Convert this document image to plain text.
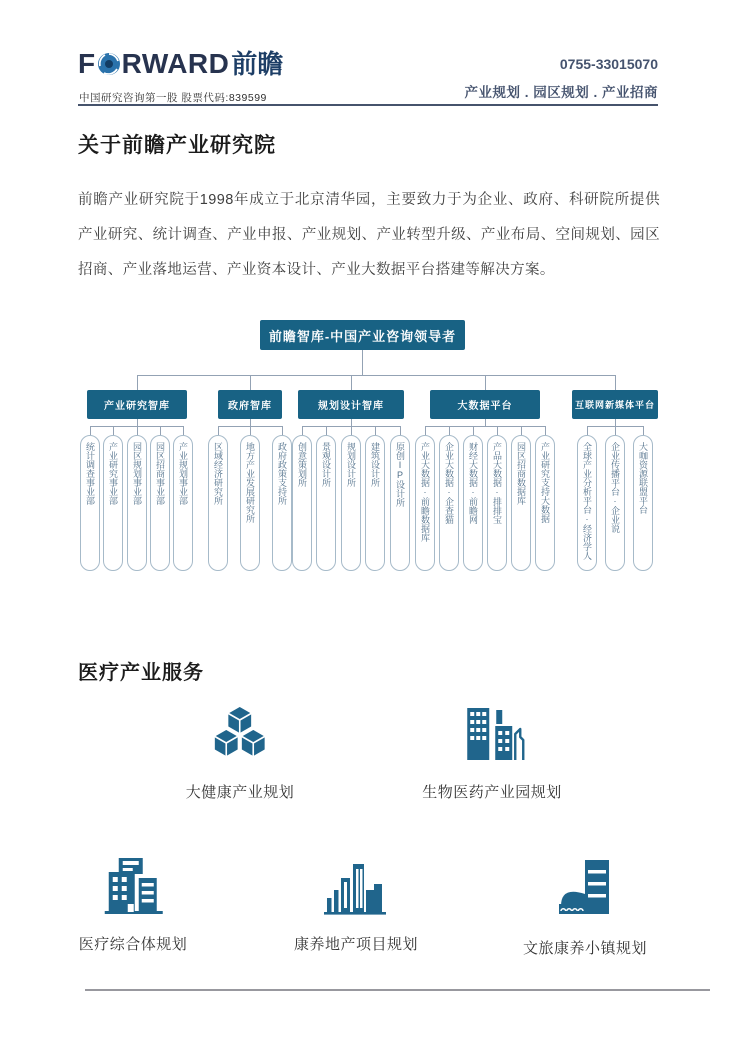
F RWARD 前瞻
中国研究咨询第一股 股票代码:839599
0755-33015070
产业规划 . 园区规划 . 产业招商
关于前瞻产业研究院
前瞻产业研究院于1998年成立于北京清华园，主要致力于为企业、政府、科研院所提供产业研究、统计调查、产业申报、产业规划、产业转型升级、产业布局、空间规划、园区招商、产业落地运营、产业资本设计、产业大数据平台搭建等解决方案。
前瞻智库-中国产业咨询领导者
产业研究智库	政府智库	规划设计智库	大数据平台	互联网新媒体平台
统计调查事业部	产业研究事业部	园区规划事业部	园区招商事业部	产业规划事业部	区域经济研究所	地方产业发展研究所	政府政策支持所	创意策划所	景观设计所	规划设计所	建筑设计所	原创IP设计所	产业大数据·前瞻数据库	企业大数据·企查猫	财经大数据·前瞻网	产品大数据·排排宝	园区招商数据库	产业研究支持大数据	全球产业分析平台·经济学人	企业传播平台·企业说	大咖资源联盟平台
医疗产业服务
大健康产业规划	生物医药产业园规划
医疗综合体规划	康养地产项目规划	文旅康养小镇规划
